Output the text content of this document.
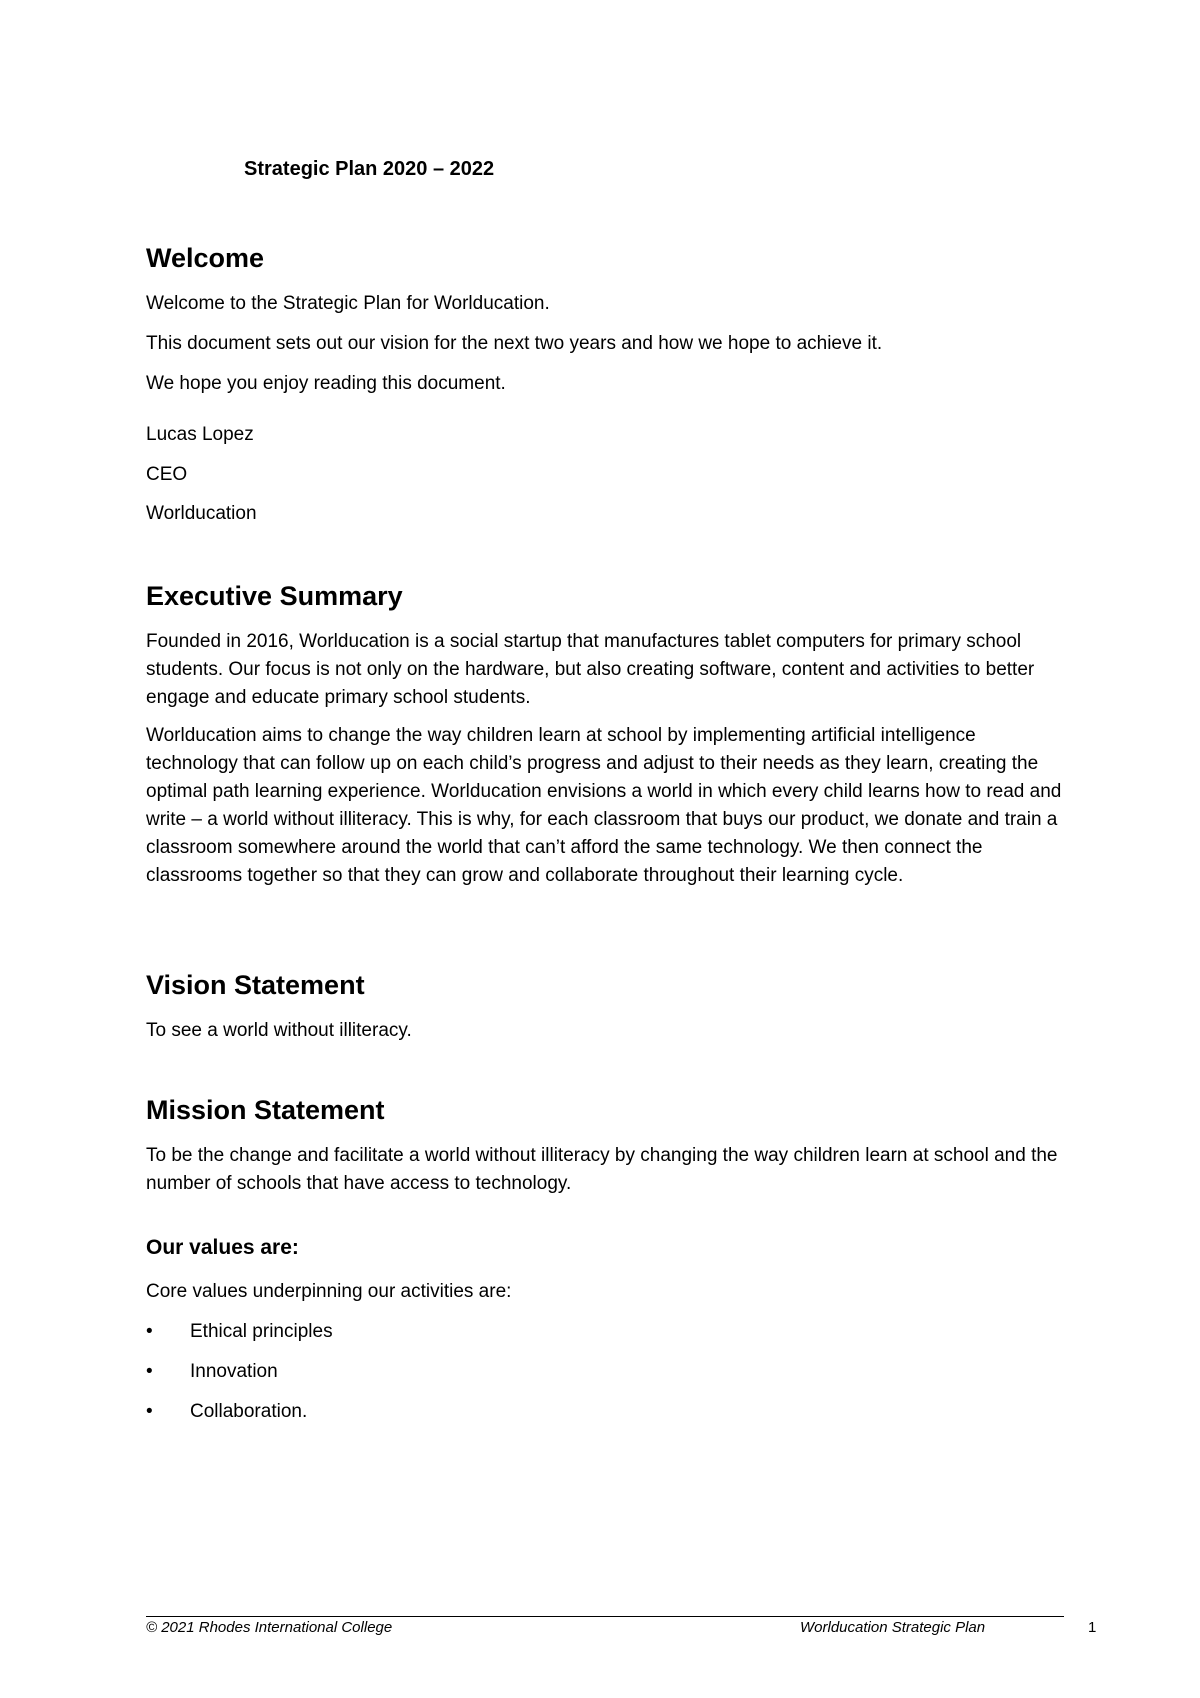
Strategic Plan 2020 – 2022
Welcome

Welcome to the Strategic Plan for Worlducation.

This document sets out our vision for the next two years and how we hope to achieve it.

We hope you enjoy reading this document.

Lucas Lopez

CEO

Worlducation

Executive Summary

Founded in 2016, Worlducation is a social startup that manufactures tablet computers for primary school students. Our focus is not only on the hardware, but also creating software, content and activities to better engage and educate primary school students.

Worlducation aims to change the way children learn at school by implementing artificial intelligence technology that can follow up on each child’s progress and adjust to their needs as they learn, creating the optimal path learning experience. Worlducation envisions a world in which every child learns how to read and write – a world without illiteracy. This is why, for each classroom that buys our product, we donate and train a classroom somewhere around the world that can’t afford the same technology. We then connect the classrooms together so that they can grow and collaborate throughout their learning cycle.

Vision Statement

To see a world without illiteracy.

Mission Statement

To be the change and facilitate a world without illiteracy by changing the way children learn at school and the number of schools that have access to technology.

Our values are:

Core values underpinning our activities are:

• Ethical principles
• Innovation
• Collaboration.
© 2021 Rhodes International College	Worlducation Strategic Plan	1
